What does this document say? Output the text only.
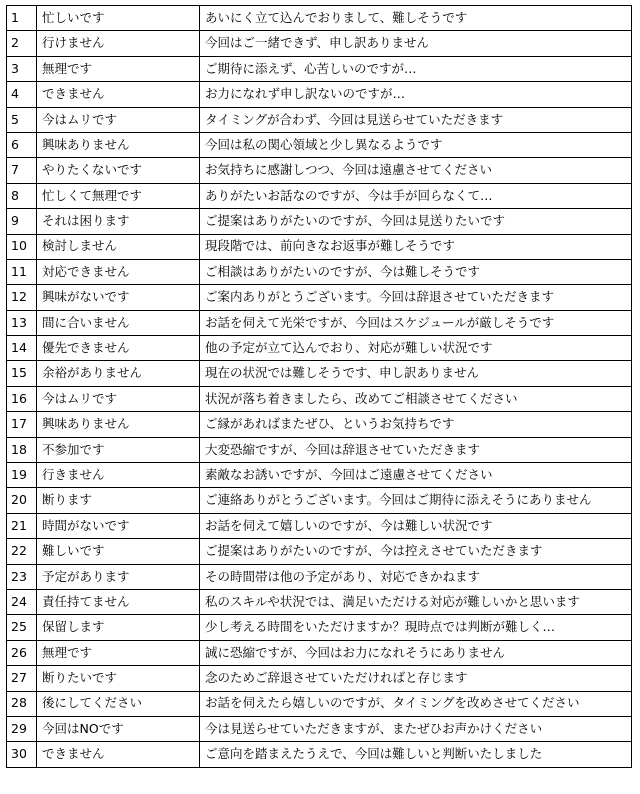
1	忙しいです	あいにく立て込んでおりまして、難しそうです
2	行けません	今回はご一緒できず、申し訳ありません
3	無理です	ご期待に添えず、心苦しいのですが…
4	できません	お力になれず申し訳ないのですが…
5	今はムリです	タイミングが合わず、今回は見送らせていただきます
6	興味ありません	今回は私の関心領域と少し異なるようです
7	やりたくないです	お気持ちに感謝しつつ、今回は遠慮させてください
8	忙しくて無理です	ありがたいお話なのですが、今は手が回らなくて…
9	それは困ります	ご提案はありがたいのですが、今回は見送りたいです
10	検討しません	現段階では、前向きなお返事が難しそうです
11	対応できません	ご相談はありがたいのですが、今は難しそうです
12	興味がないです	ご案内ありがとうございます。今回は辞退させていただきます
13	間に合いません	お話を伺えて光栄ですが、今回はスケジュールが厳しそうです
14	優先できません	他の予定が立て込んでおり、対応が難しい状況です
15	余裕がありません	現在の状況では難しそうです、申し訳ありません
16	今はムリです	状況が落ち着きましたら、改めてご相談させてください
17	興味ありません	ご縁があればまたぜひ、というお気持ちです
18	不参加です	大変恐縮ですが、今回は辞退させていただきます
19	行きません	素敵なお誘いですが、今回はご遠慮させてください
20	断ります	ご連絡ありがとうございます。今回はご期待に添えそうにありません
21	時間がないです	お話を伺えて嬉しいのですが、今は難しい状況です
22	難しいです	ご提案はありがたいのですが、今は控えさせていただきます
23	予定があります	その時間帯は他の予定があり、対応できかねます
24	責任持てません	私のスキルや状況では、満足いただける対応が難しいかと思います
25	保留します	少し考える時間をいただけますか？現時点では判断が難しく…
26	無理です	誠に恐縮ですが、今回はお力になれそうにありません
27	断りたいです	念のためご辞退させていただければと存じます
28	後にしてください	お話を伺えたら嬉しいのですが、タイミングを改めさせてください
29	今回はNOです	今は見送らせていただきますが、またぜひお声かけください
30	できません	ご意向を踏まえたうえで、今回は難しいと判断いたしました
